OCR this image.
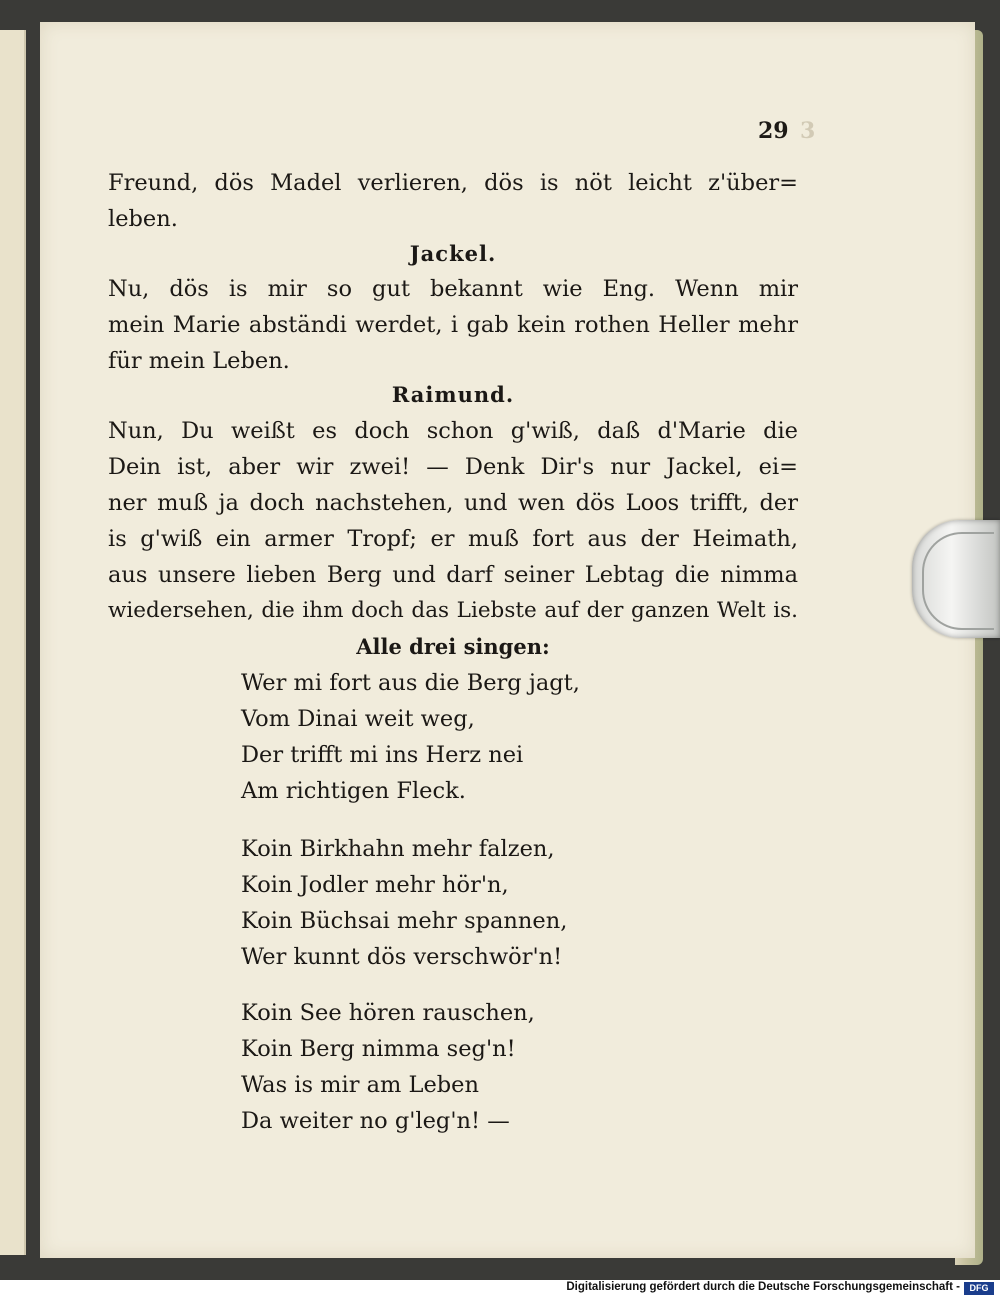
29 3
Freund, dös Madel verlieren, dös is nöt leicht z'über=
leben.
Jackel.
Nu, dös is mir so gut bekannt wie Eng. Wenn mir
mein Marie abständi werdet, i gab kein rothen Heller mehr
für mein Leben.
Raimund.
Nun, Du weißt es doch schon g'wiß, daß d'Marie die
Dein ist, aber wir zwei! — Denk Dir's nur Jackel, ei=
ner muß ja doch nachstehen, und wen dös Loos trifft, der
is g'wiß ein armer Tropf; er muß fort aus der Heimath,
aus unsere lieben Berg und darf seiner Lebtag die nimma
wiedersehen, die ihm doch das Liebste auf der ganzen Welt is.
Alle drei singen:
Wer mi fort aus die Berg jagt,
Vom Dinai weit weg,
Der trifft mi ins Herz nei
Am richtigen Fleck.
Koin Birkhahn mehr falzen,
Koin Jodler mehr hör'n,
Koin Büchsai mehr spannen,
Wer kunnt dös verschwör'n!
Koin See hören rauschen,
Koin Berg nimma seg'n!
Was is mir am Leben
Da weiter no g'leg'n! —
Digitalisierung gefördert durch die Deutsche Forschungsgemeinschaft -	DFG
